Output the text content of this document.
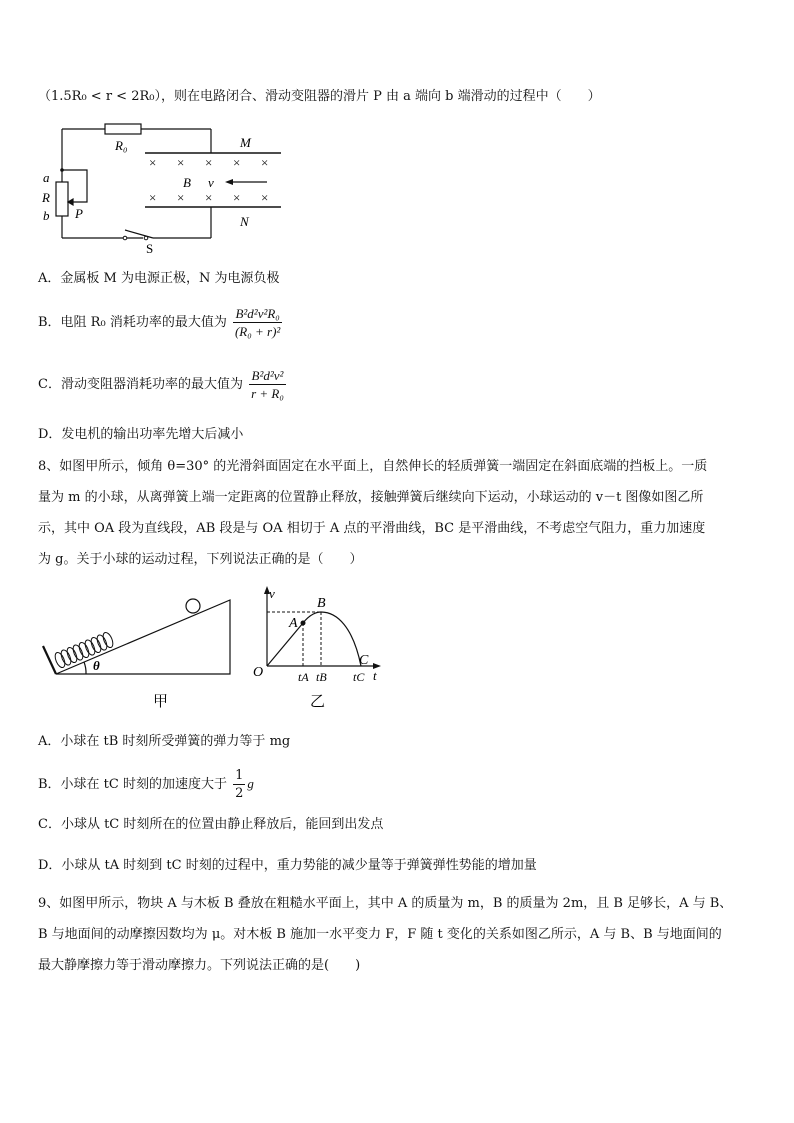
（1.5R₀ < r < 2R₀），则在电路闭合、滑动变阻器的滑片 P 由 a 端向 b 端滑动的过程中（　　）
× × × × ×
× × × × ×
R₀	M
N
a
R
b P
B v
S
A．金属板 M 为电源正极，N 为电源负极
B．电阻 R₀ 消耗功率的最大值为 $\frac{\text{B²d²v²R₀}}{\text{(R₀ + r)²}}$
C．滑动变阻器消耗功率的最大值为 $\frac{\text{B²d²v²}}{\text{r + R₀}}$
D．发电机的输出功率先增大后减小
8、如图甲所示，倾角 θ=30° 的光滑斜面固定在水平面上，自然伸长的轻质弹簧一端固定在斜面底端的挡板上。一质
量为 m 的小球，从离弹簧上端一定距离的位置静止释放，接触弹簧后继续向下运动，小球运动的 v－t 图像如图乙所
示，其中 OA 段为直线段，AB 段是与 OA 相切于 A 点的平滑曲线，BC 是平滑曲线，不考虑空气阻力，重力加速度
为 g。关于小球的运动过程，下列说法正确的是（　　）
θ
甲
v
B
A
O
C
tA tB tC t
乙
A．小球在 tB 时刻所受弹簧的弹力等于 mg
B．小球在 tC 时刻的加速度大于 $\frac{1}{2}$ g
C．小球从 tC 时刻所在的位置由静止释放后，能回到出发点
D．小球从 tA 时刻到 tC 时刻的过程中，重力势能的减少量等于弹簧弹性势能的增加量
9、如图甲所示，物块 A 与木板 B 叠放在粗糙水平面上，其中 A 的质量为 m，B 的质量为 2m，且 B 足够长，A 与 B、
B 与地面间的动摩擦因数均为 μ。对木板 B 施加一水平变力 F，F 随 t 变化的关系如图乙所示，A 与 B、B 与地面间的
最大静摩擦力等于滑动摩擦力。下列说法正确的是(　　)
